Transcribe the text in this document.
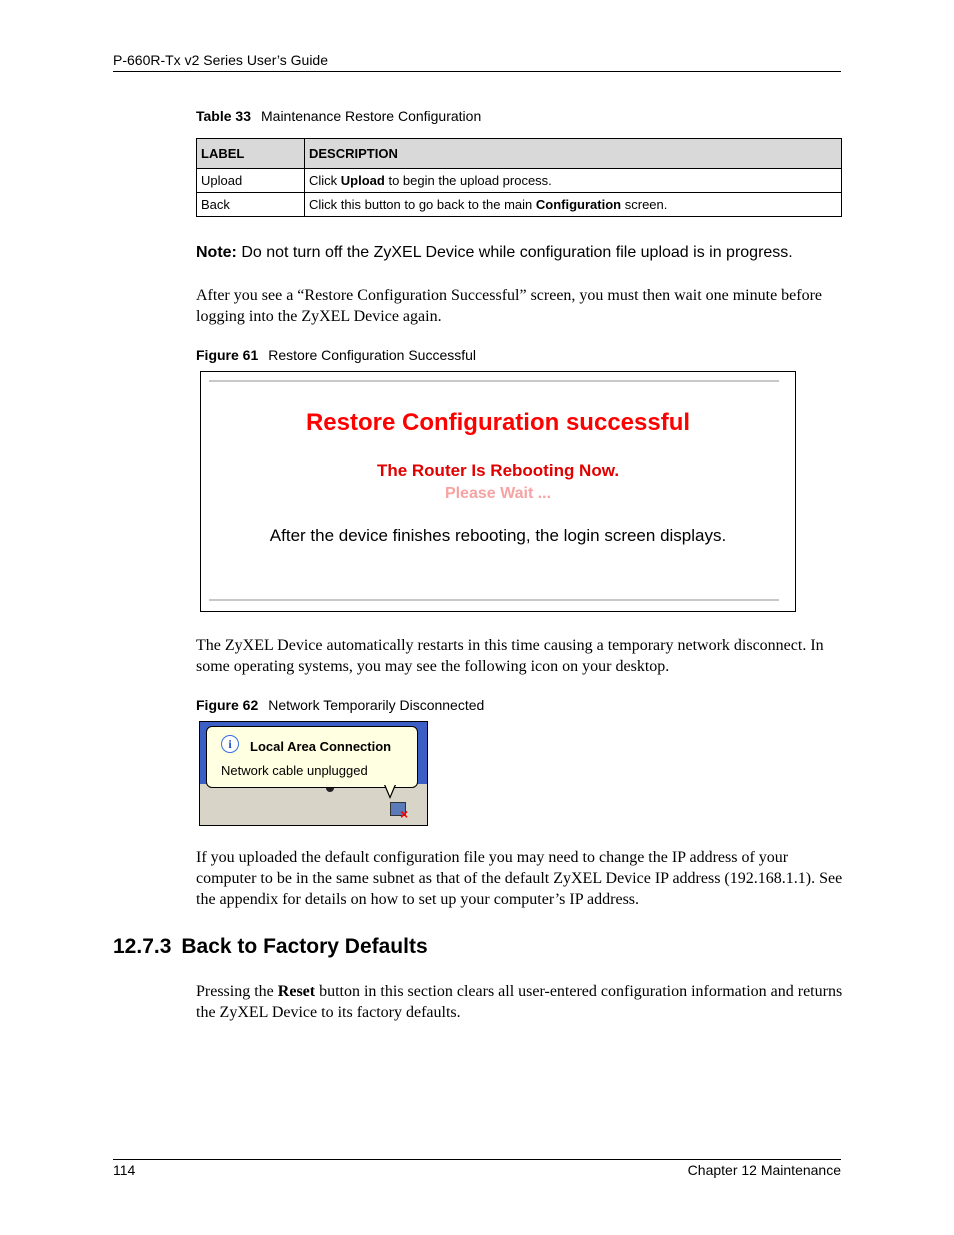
P-660R-Tx v2 Series User’s Guide
Table 33 Maintenance Restore Configuration
LABEL	DESCRIPTION
Upload	Click Upload to begin the upload process.
Back	Click this button to go back to the main Configuration screen.
Note: Do not turn off the ZyXEL Device while configuration file upload is in progress.
After you see a “Restore Configuration Successful” screen, you must then wait one minute before logging into the ZyXEL Device again.
Figure 61 Restore Configuration Successful
Restore Configuration successful
The Router Is Rebooting Now.
Please Wait ...
After the device finishes rebooting, the login screen displays.
The ZyXEL Device automatically restarts in this time causing a temporary network disconnect. In some operating systems, you may see the following icon on your desktop.
Figure 62 Network Temporarily Disconnected
i	Local Area Connection
Network cable unplugged
×
If you uploaded the default configuration file you may need to change the IP address of your computer to be in the same subnet as that of the default ZyXEL Device IP address (192.168.1.1). See the appendix for details on how to set up your computer’s IP address.
12.7.3 Back to Factory Defaults
Pressing the Reset button in this section clears all user-entered configuration information and returns the ZyXEL Device to its factory defaults.
114	Chapter 12 Maintenance
